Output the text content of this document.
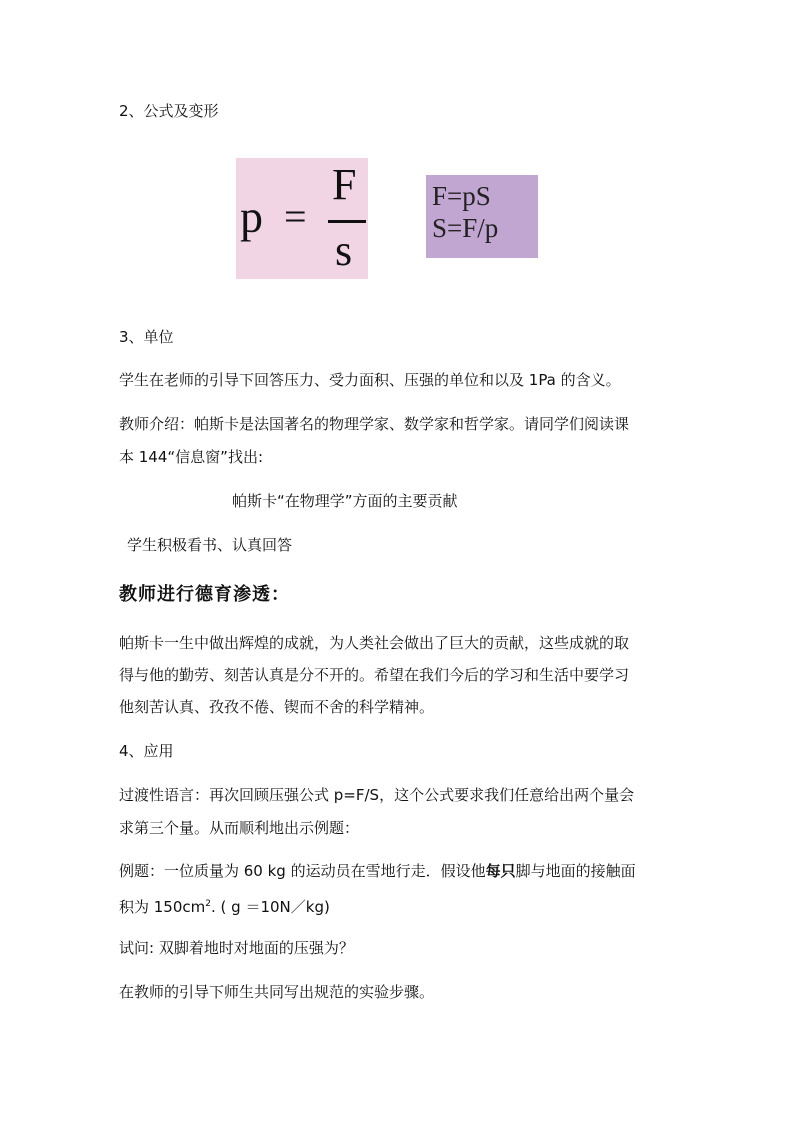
2、公式及变形
p =
F
s
F=pS
S=F/p
3、单位
学生在老师的引导下回答压力、受力面积、压强的单位和以及 1Pa 的含义。
教师介绍：帕斯卡是法国著名的物理学家、数学家和哲学家。请同学们阅读课
本 144“信息窗”找出:
帕斯卡“在物理学”方面的主要贡献
学生积极看书、认真回答
教师进行德育渗透：
帕斯卡一生中做出辉煌的成就，为人类社会做出了巨大的贡献，这些成就的取
得与他的勤劳、刻苦认真是分不开的。希望在我们今后的学习和生活中要学习
他刻苦认真、孜孜不倦、锲而不舍的科学精神。
4、应用
过渡性语言：再次回顾压强公式 p=F/S，这个公式要求我们任意给出两个量会
求第三个量。从而顺利地出示例题：
例题：一位质量为 60 kg 的运动员在雪地行走．假设他每只脚与地面的接触面
积为 $150cm^2$. ( g ＝10N／kg)
试问: 双脚着地时对地面的压强为？
在教师的引导下师生共同写出规范的实验步骤。
